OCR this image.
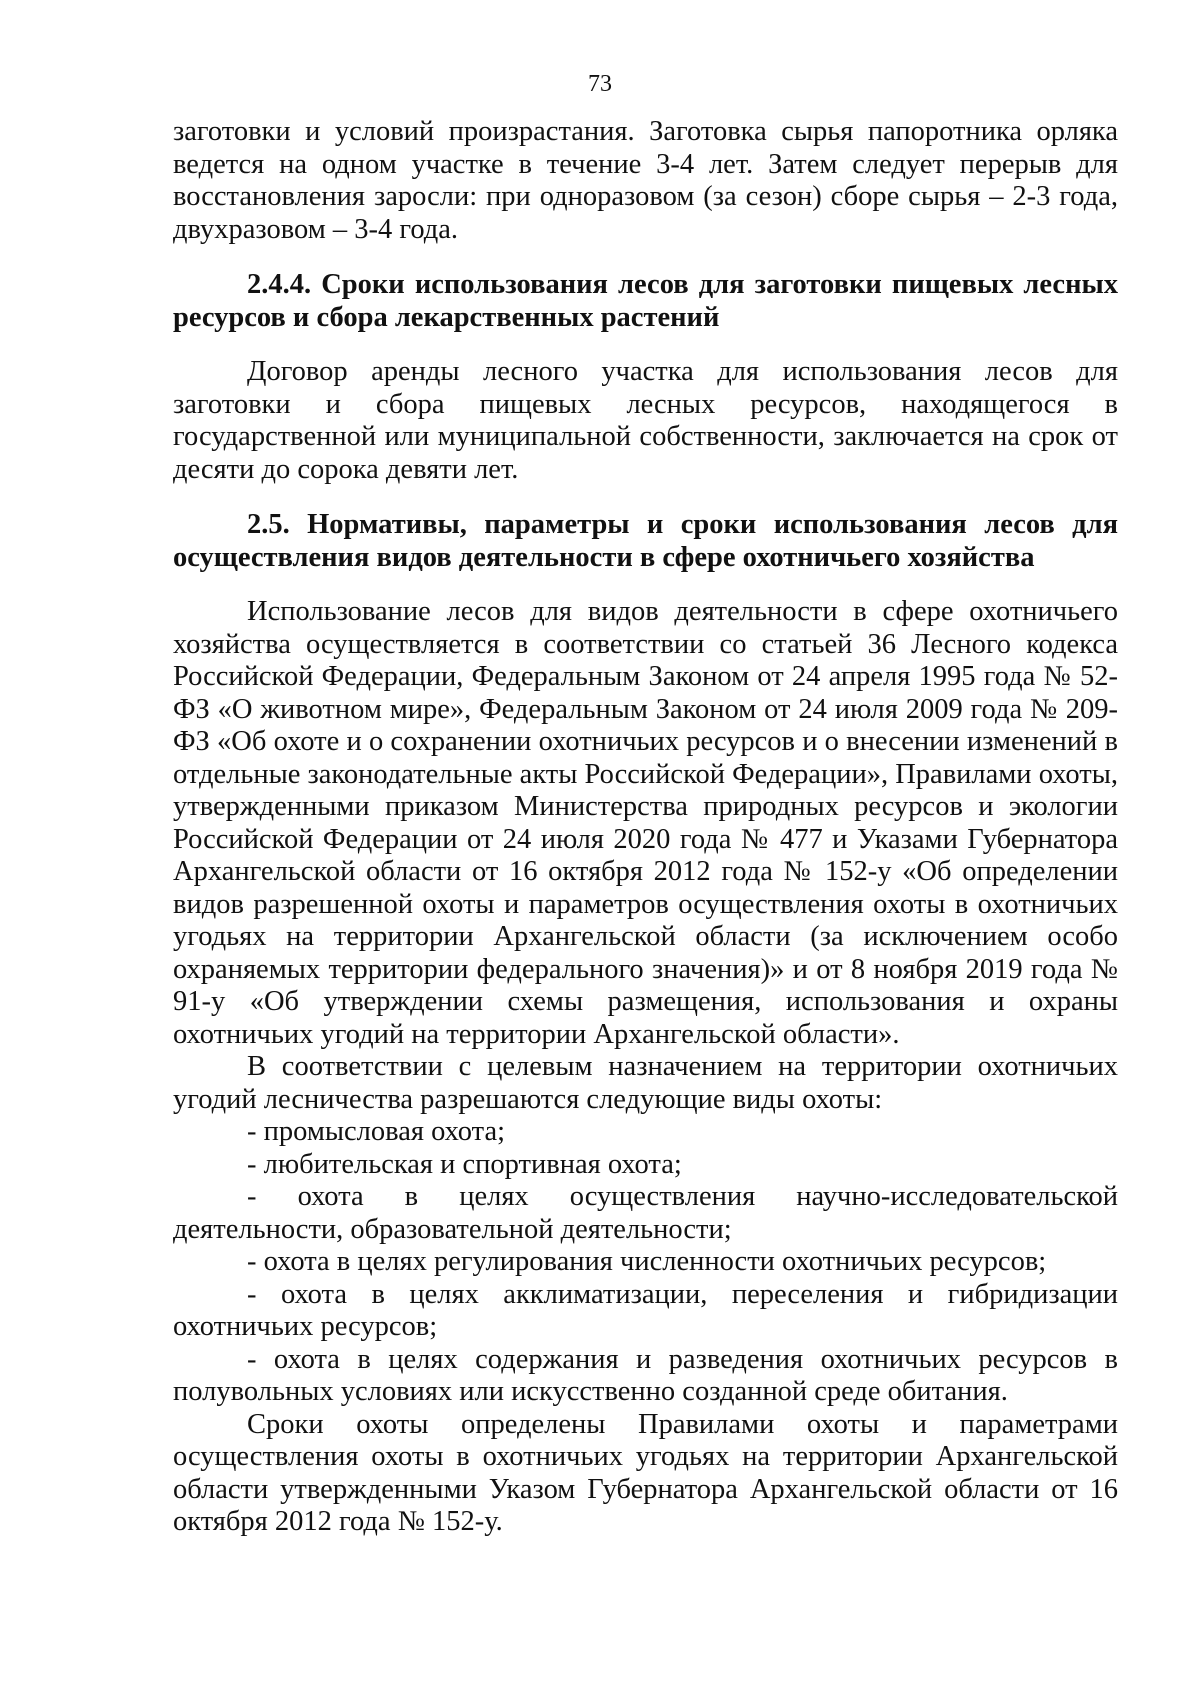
73

заготовки и условий произрастания. Заготовка сырья папоротника орляка ведется на одном участке в течение 3-4 лет. Затем следует перерыв для восстановления заросли: при одноразовом (за сезон) сборе сырья – 2-3 года, двухразовом – 3-4 года.

2.4.4. Сроки использования лесов для заготовки пищевых лесных ресурсов и сбора лекарственных растений

Договор аренды лесного участка для использования лесов для заготовки и сбора пищевых лесных ресурсов, находящегося в государственной или муниципальной собственности, заключается на срок от десяти до сорока девяти лет.

2.5. Нормативы, параметры и сроки использования лесов для осуществления видов деятельности в сфере охотничьего хозяйства

Использование лесов для видов деятельности в сфере охотничьего хозяйства осуществляется в соответствии со статьей 36 Лесного кодекса Российской Федерации, Федеральным Законом от 24 апреля 1995 года № 52-ФЗ «О животном мире», Федеральным Законом от 24 июля 2009 года № 209-ФЗ «Об охоте и о сохранении охотничьих ресурсов и о внесении изменений в отдельные законодательные акты Российской Федерации», Правилами охоты, утвержденными приказом Министерства природных ресурсов и экологии Российской Федерации от 24 июля 2020 года № 477 и Указами Губернатора Архангельской области от 16 октября 2012 года № 152-у «Об определении видов разрешенной охоты и параметров осуществления охоты в охотничьих угодьях на территории Архангельской области (за исключением особо охраняемых территории федерального значения)» и от 8 ноября 2019 года № 91-у «Об утверждении схемы размещения, использования и охраны охотничьих угодий на территории Архангельской области».

В соответствии с целевым назначением на территории охотничьих угодий лесничества разрешаются следующие виды охоты:

- промысловая охота;

- любительская и спортивная охота;

- охота в целях осуществления научно-исследовательской деятельности, образовательной деятельности;

- охота в целях регулирования численности охотничьих ресурсов;

- охота в целях акклиматизации, переселения и гибридизации охотничьих ресурсов;

- охота в целях содержания и разведения охотничьих ресурсов в полувольных условиях или искусственно созданной среде обитания.

Сроки охоты определены Правилами охоты и параметрами осуществления охоты в охотничьих угодьях на территории Архангельской области утвержденными Указом Губернатора Архангельской области от 16 октября 2012 года № 152-у.
